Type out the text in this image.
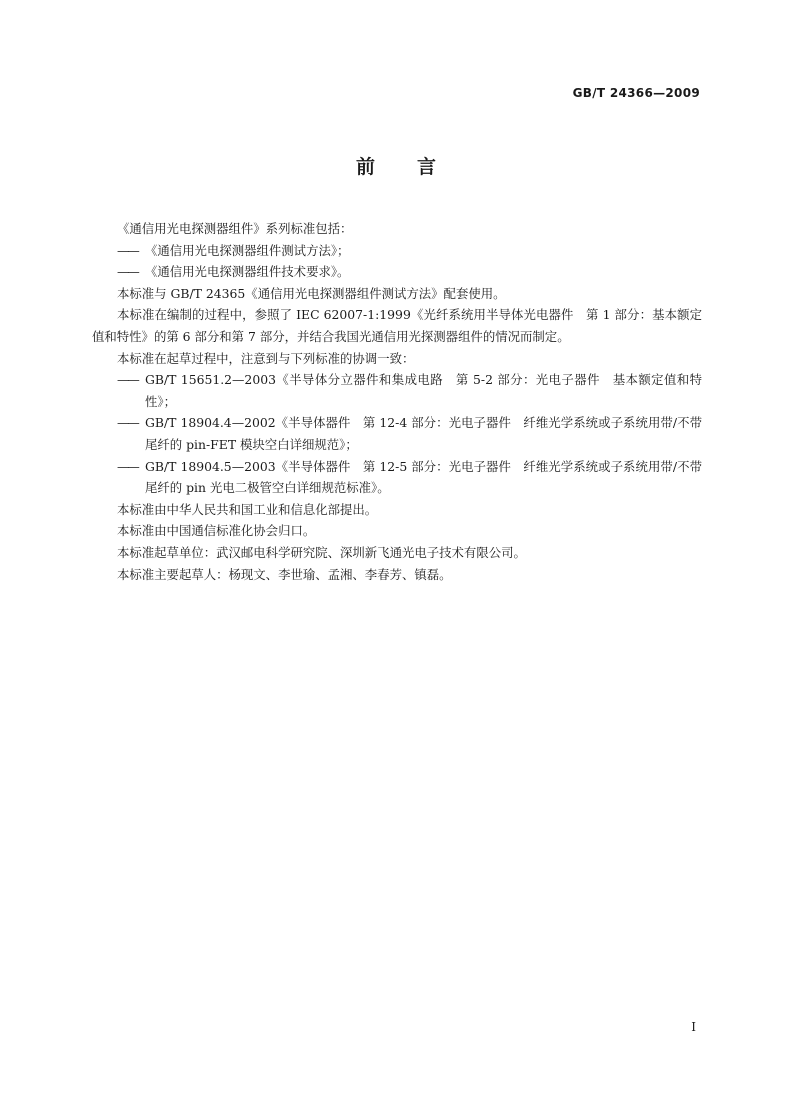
GB/T 24366—2009
前言

《通信用光电探测器组件》系列标准包括：

—— 《通信用光电探测器组件测试方法》；

—— 《通信用光电探测器组件技术要求》。

本标准与 GB/T 24365《通信用光电探测器组件测试方法》配套使用。

本标准在编制的过程中，参照了 IEC 62007-1:1999《光纤系统用半导体光电器件　第 1 部分：基本额定值和特性》的第 6 部分和第 7 部分，并结合我国光通信用光探测器组件的情况而制定。

本标准在起草过程中，注意到与下列标准的协调一致：

—— GB/T 15651.2—2003《半导体分立器件和集成电路　第 5-2 部分：光电子器件　基本额定值和特性》；

—— GB/T 18904.4—2002《半导体器件　第 12-4 部分：光电子器件　纤维光学系统或子系统用带/不带尾纤的 pin-FET 模块空白详细规范》；

—— GB/T 18904.5—2003《半导体器件　第 12-5 部分：光电子器件　纤维光学系统或子系统用带/不带尾纤的 pin 光电二极管空白详细规范标准》。

本标准由中华人民共和国工业和信息化部提出。

本标准由中国通信标准化协会归口。

本标准起草单位：武汉邮电科学研究院、深圳新飞通光电子技术有限公司。

本标准主要起草人：杨现文、李世瑜、孟湘、李春芳、镇磊。

I
